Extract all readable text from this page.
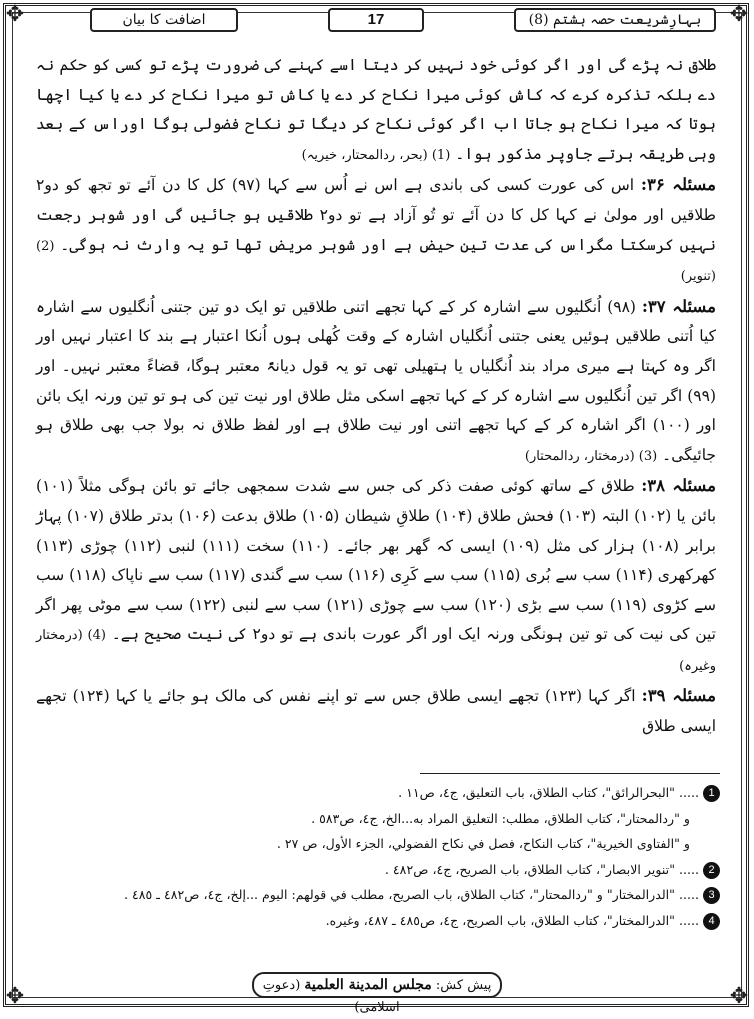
✥	✥
✥	✥
اضافت کا بیان	17	بہارِشریعت حصہ ہشتم (8)

طلاق نہ پڑے گی اور اگر کوئی خود نہیں کر دیتا اسے کہنے کی ضرورت پڑے تو کسی کو حکم نہ دے بلکہ تذکرہ کرے کہ کاش کوئی میرا نکاح کر دے یا کاش تو میرا نکاح کر دے یا کیا اچھا ہوتا کہ میرا نکاح ہو جاتا اب اگر کوئی نکاح کر دیگا تو نکاح فضولی ہوگا اوراس کے بعد وہی طریقہ برتے جاوپر مذکور ہوا۔ (1) (بحر، ردالمحتار، خیریہ)

مسئلہ ۳۶: اس کی عورت کسی کی باندی ہے اس نے اُس سے کہا (۹۷) کل کا دن آئے تو تجھ کو دو۲ طلاقیں اور مولیٰ نے کہا کل کا دن آئے تو تُو آزاد ہے تو دو۲ طلاقیں ہو جائیں گی اور شوہر رجعت نہیں کرسکتا مگراس کی عدت تین حیض ہے اور شوہر مریض تھا تو یہ وارث نہ ہوگی۔ (2) (تنویر)

مسئلہ ۳۷: (۹۸) اُنگلیوں سے اشارہ کر کے کہا تجھے اتنی طلاقیں تو ایک دو تین جتنی اُنگلیوں سے اشارہ کیا اُتنی طلاقیں ہوئیں یعنی جتنی اُنگلیاں اشارہ کے وقت کُھلی ہوں اُنکا اعتبار ہے بند کا اعتبار نہیں اور اگر وہ کہتا ہے میری مراد بند اُنگلیاں یا ہتھیلی تھی تو یہ قول دیانۃً معتبر ہوگا، قضاءً معتبر نہیں۔ اور (۹۹) اگر تین اُنگلیوں سے اشارہ کر کے کہا تجھے اسکی مثل طلاق اور نیت تین کی ہو تو تین ورنہ ایک بائن اور (۱۰۰) اگر اشارہ کر کے کہا تجھے اتنی اور نیت طلاق ہے اور لفظ طلاق نہ بولا جب بھی طلاق ہو جائیگی۔ (3) (درمختار، ردالمحتار)

مسئلہ ۳۸: طلاق کے ساتھ کوئی صفت ذکر کی جس سے شدت سمجھی جائے تو بائن ہوگی مثلاً (۱۰۱) بائن یا (۱۰۲) البتہ (۱۰۳) فحش طلاق (۱۰۴) طلاقِ شیطان (۱۰۵) طلاق بدعت (۱۰۶) بدتر طلاق (۱۰۷) پہاڑ برابر (۱۰۸) ہزار کی مثل (۱۰۹) ایسی کہ گھر بھر جائے۔ (۱۱۰) سخت (۱۱۱) لنبی (۱۱۲) چوڑی (۱۱۳) کھرکھری (۱۱۴) سب سے بُری (۱۱۵) سب سے کَرِی (۱۱۶) سب سے گندی (۱۱۷) سب سے ناپاک (۱۱۸) سب سے کڑوی (۱۱۹) سب سے بڑی (۱۲۰) سب سے چوڑی (۱۲۱) سب سے لنبی (۱۲۲) سب سے موٹی پھر اگر تین کی نیت کی تو تین ہونگی ورنہ ایک اور اگر عورت باندی ہے تو دو۲ کی نیت صحیح ہے۔ (4) (درمختار وغیرہ)

مسئلہ ۳۹: اگر کہا (۱۲۳) تجھے ایسی طلاق جس سے تو اپنے نفس کی مالک ہو جائے یا کہا (۱۲۴) تجھے ایسی طلاق

1..... "البحرالرائق"، كتاب الطلاق، باب التعليق، ج٤، ص١١ .

و "ردالمحتار"، كتاب الطلاق، مطلب: التعليق المراد به...الخ، ج٤، ص٥٨٣ .

و "الفتاوى الخيرية"، كتاب النكاح، فصل في نكاح الفضولي، الجزء الأول، ص ٢٧ .

2..... "تنوير الابصار"، كتاب الطلاق، باب الصريح، ج٤، ص٤٨٢ .

3..... "الدرالمختار" و "ردالمحتار"، كتاب الطلاق، باب الصريح، مطلب في قولهم: اليوم ...إلخ، ج٤، ص٤٨٢ ـ ٤٨٥ .

4..... "الدرالمختار"، كتاب الطلاق، باب الصريح، ج٤، ص٤٨٥ ـ ٤٨٧، وغيره.

پیش کش: مجلس المدينة العلمية (دعوتِ اسلامی)
